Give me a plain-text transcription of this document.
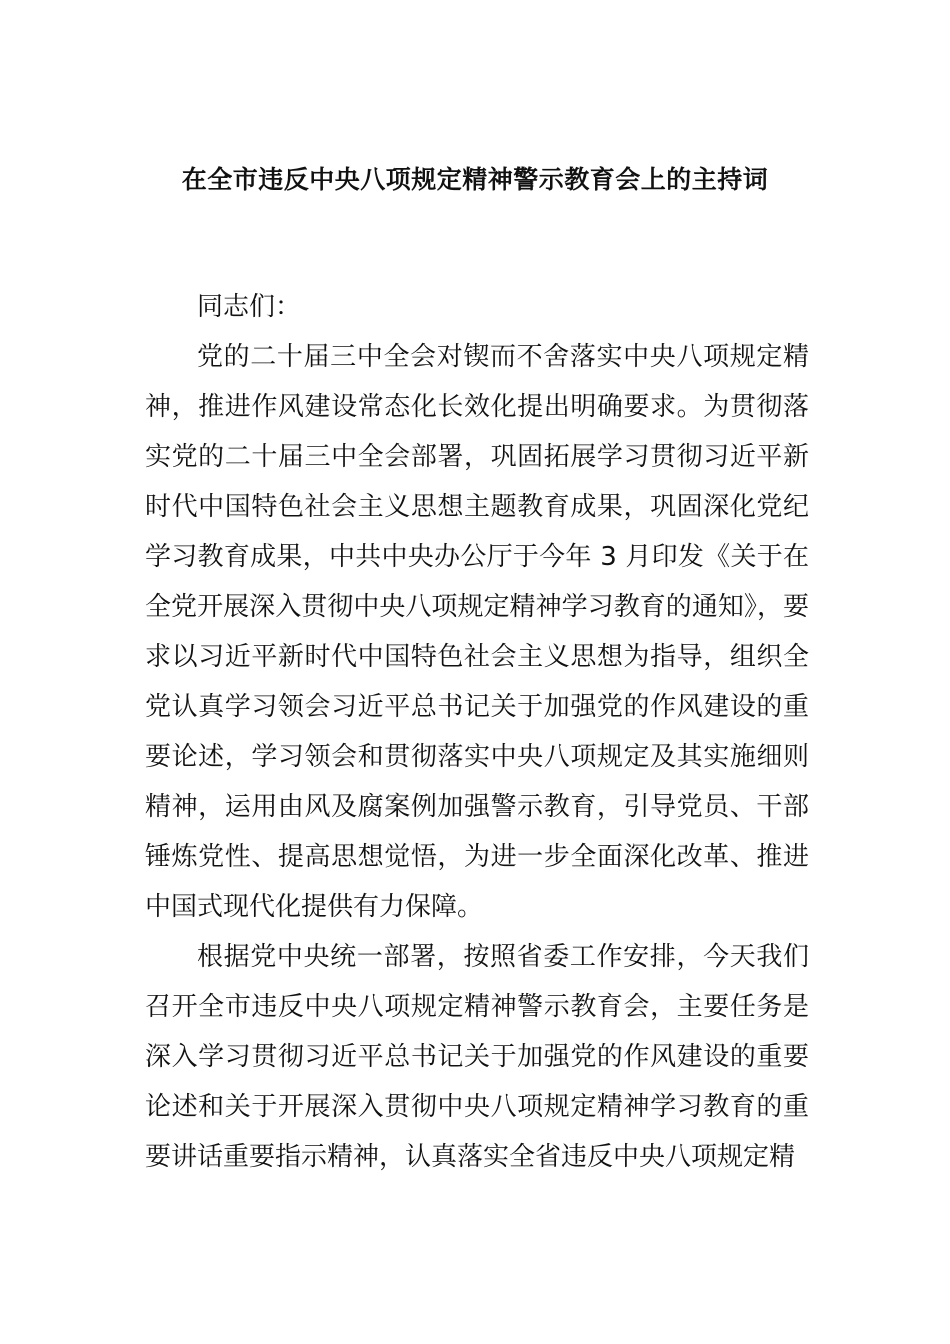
在全市违反中央八项规定精神警示教育会上的主持词

同志们：

党的二十届三中全会对锲而不舍落实中央八项规定精神，推进作风建设常态化长效化提出明确要求。为贯彻落实党的二十届三中全会部署，巩固拓展学习贯彻习近平新时代中国特色社会主义思想主题教育成果，巩固深化党纪学习教育成果，中共中央办公厅于今年 3 月印发《关于在全党开展深入贯彻中央八项规定精神学习教育的通知》，要求以习近平新时代中国特色社会主义思想为指导，组织全党认真学习领会习近平总书记关于加强党的作风建设的重要论述，学习领会和贯彻落实中央八项规定及其实施细则精神，运用由风及腐案例加强警示教育，引导党员、干部锤炼党性、提高思想觉悟，为进一步全面深化改革、推进中国式现代化提供有力保障。

根据党中央统一部署，按照省委工作安排，今天我们召开全市违反中央八项规定精神警示教育会，主要任务是深入学习贯彻习近平总书记关于加强党的作风建设的重要论述和关于开展深入贯彻中央八项规定精神学习教育的重要讲话重要指示精神，认真落实全省违反中央八项规定精
